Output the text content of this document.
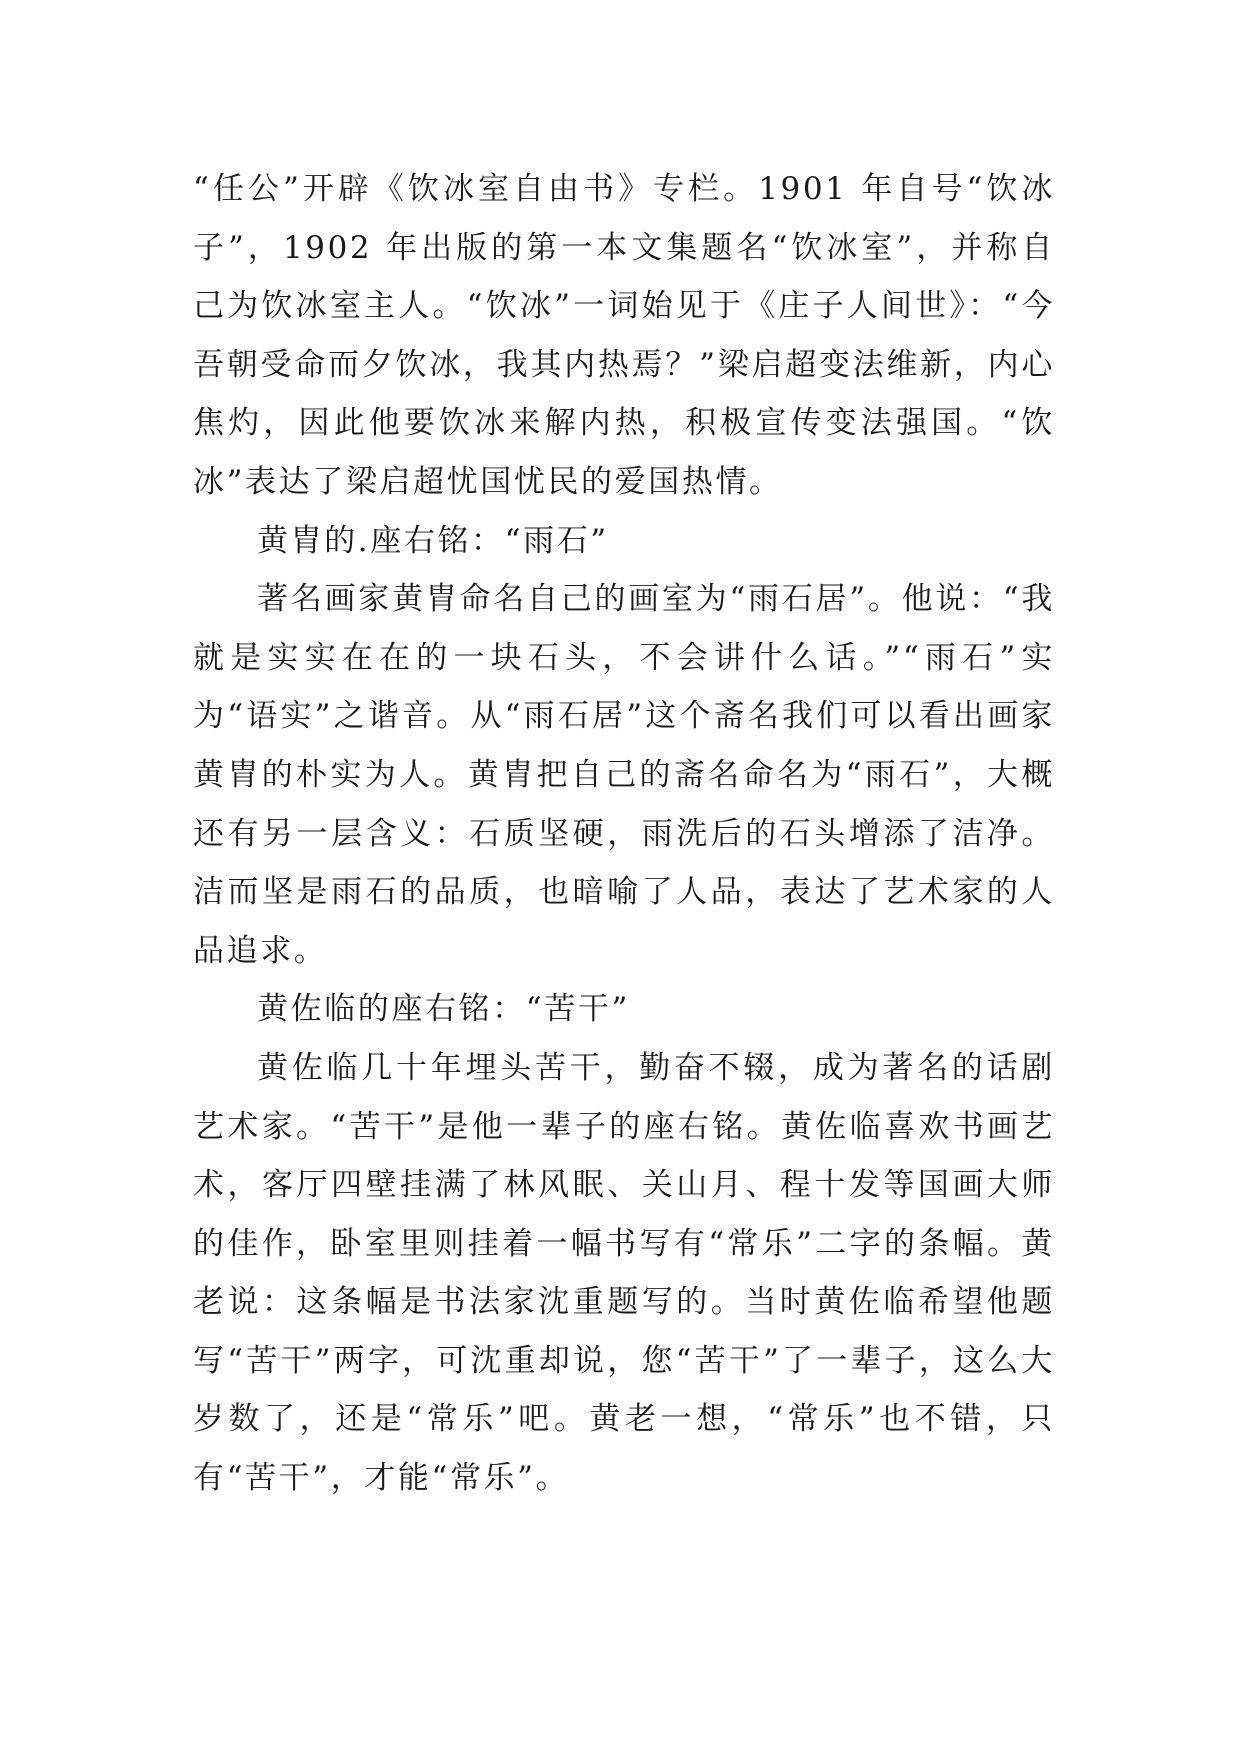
“任公”开辟《饮冰室自由书》专栏。1901 年自号“饮冰子”，1902 年出版的第一本文集题名“饮冰室”，并称自己为饮冰室主人。“饮冰”一词始见于《庄子人间世》：“今吾朝受命而夕饮冰，我其内热焉？”梁启超变法维新，内心焦灼，因此他要饮冰来解内热，积极宣传变法强国。“饮冰”表达了梁启超忧国忧民的爱国热情。

黄胄的.座右铭：“雨石”

著名画家黄胄命名自己的画室为“雨石居”。他说：“我就是实实在在的一块石头，不会讲什么话。”“雨石”实为“语实”之谐音。从“雨石居”这个斋名我们可以看出画家黄胄的朴实为人。黄胄把自己的斋名命名为“雨石”，大概还有另一层含义：石质坚硬，雨洗后的石头增添了洁净。洁而坚是雨石的品质，也暗喻了人品，表达了艺术家的人品追求。

黄佐临的座右铭：“苦干”

黄佐临几十年埋头苦干，勤奋不辍，成为著名的话剧艺术家。“苦干”是他一辈子的座右铭。黄佐临喜欢书画艺术，客厅四壁挂满了林风眠、关山月、程十发等国画大师的佳作，卧室里则挂着一幅书写有“常乐”二字的条幅。黄老说：这条幅是书法家沈重题写的。当时黄佐临希望他题写“苦干”两字，可沈重却说，您“苦干”了一辈子，这么大岁数了，还是“常乐”吧。黄老一想，“常乐”也不错，只有“苦干”，才能“常乐”。
